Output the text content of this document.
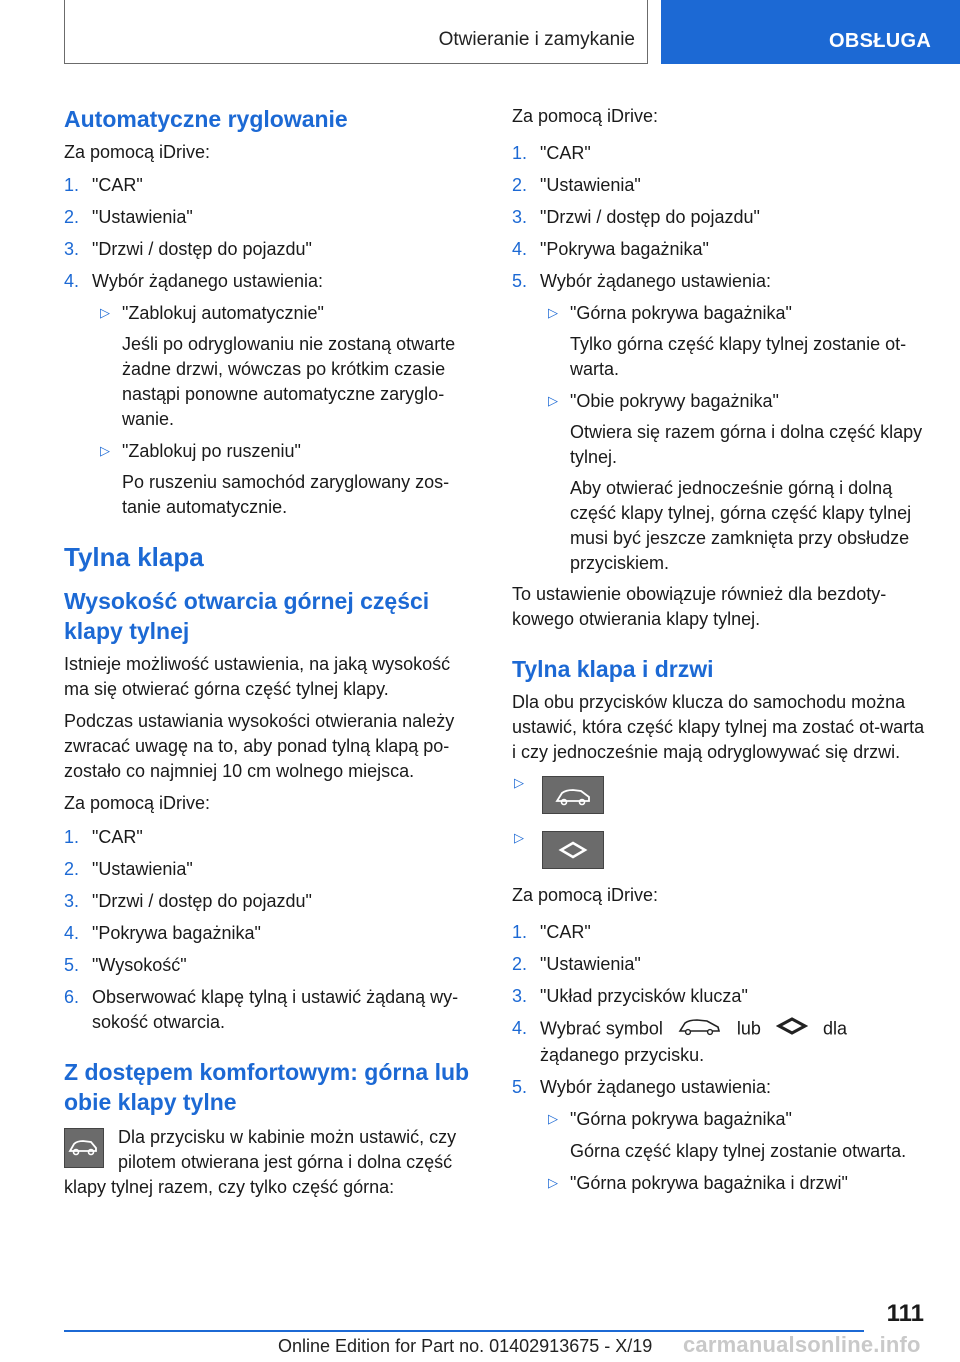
Otwieranie i zamykanie	OBSŁUGA
Automatyczne ryglowanie

Za pomocą iDrive:

1. "CAR"
2. "Ustawienia"
3. "Drzwi / dostęp do pojazdu"
4. Wybór żądanego ustawienia:
▷ "Zablokuj automatycznie"

Jeśli po odryglowaniu nie zostaną otwarte żadne drzwi, wówczas po krótkim czasie nastąpi ponowne automatyczne zaryglo-wanie.

▷ "Zablokuj po ruszeniu"

Po ruszeniu samochód zaryglowany zos-tanie automatycznie.

Tylna klapa
Wysokość otwarcia górnej części klapy tylnej

Istnieje możliwość ustawienia, na jaką wysokość ma się otwierać górna część tylnej klapy.

Podczas ustawiania wysokości otwierania należy zwracać uwagę na to, aby ponad tylną klapą po-zostało co najmniej 10 cm wolnego miejsca.

Za pomocą iDrive:

1. "CAR"
2. "Ustawienia"
3. "Drzwi / dostęp do pojazdu"
4. "Pokrywa bagażnika"
5. "Wysokość"
6. Obserwować klapę tylną i ustawić żądaną wy-sokość otwarcia.
Z dostępem komfortowym: górna lub obie klapy tylne

Dla przycisku w kabinie możn ustawić, czy pilotem otwierana jest górna i dolna część klapy tylnej razem, czy tylko część górna:

Za pomocą iDrive:

1. "CAR"
2. "Ustawienia"
3. "Drzwi / dostęp do pojazdu"
4. "Pokrywa bagażnika"
5. Wybór żądanego ustawienia:
▷ "Górna pokrywa bagażnika"

Tylko górna część klapy tylnej zostanie ot-warta.

▷ "Obie pokrywy bagażnika"

Otwiera się razem górna i dolna część klapy tylnej.

Aby otwierać jednocześnie górną i dolną część klapy tylnej, górna część klapy tylnej musi być jeszcze zamknięta przy obsłudze przyciskiem.

To ustawienie obowiązuje również dla bezdoty-kowego otwierania klapy tylnej.

Tylna klapa i drzwi

Dla obu przycisków klucza do samochodu można ustawić, która część klapy tylnej ma zostać ot-warta i czy jednocześnie mają odryglowywać się drzwi.

▷
▷

Za pomocą iDrive:

1. "CAR"
2. "Ustawienia"
3. "Układ przycisków klucza"
4. Wybrać symbol	lub	dla żądanego przycisku.
5. Wybór żądanego ustawienia:
▷ "Górna pokrywa bagażnika"

Górna część klapy tylnej zostanie otwarta.

▷ "Górna pokrywa bagażnika i drzwi"
111
Online Edition for Part no. 01402913675 - X/19 carmanualsonline.info
